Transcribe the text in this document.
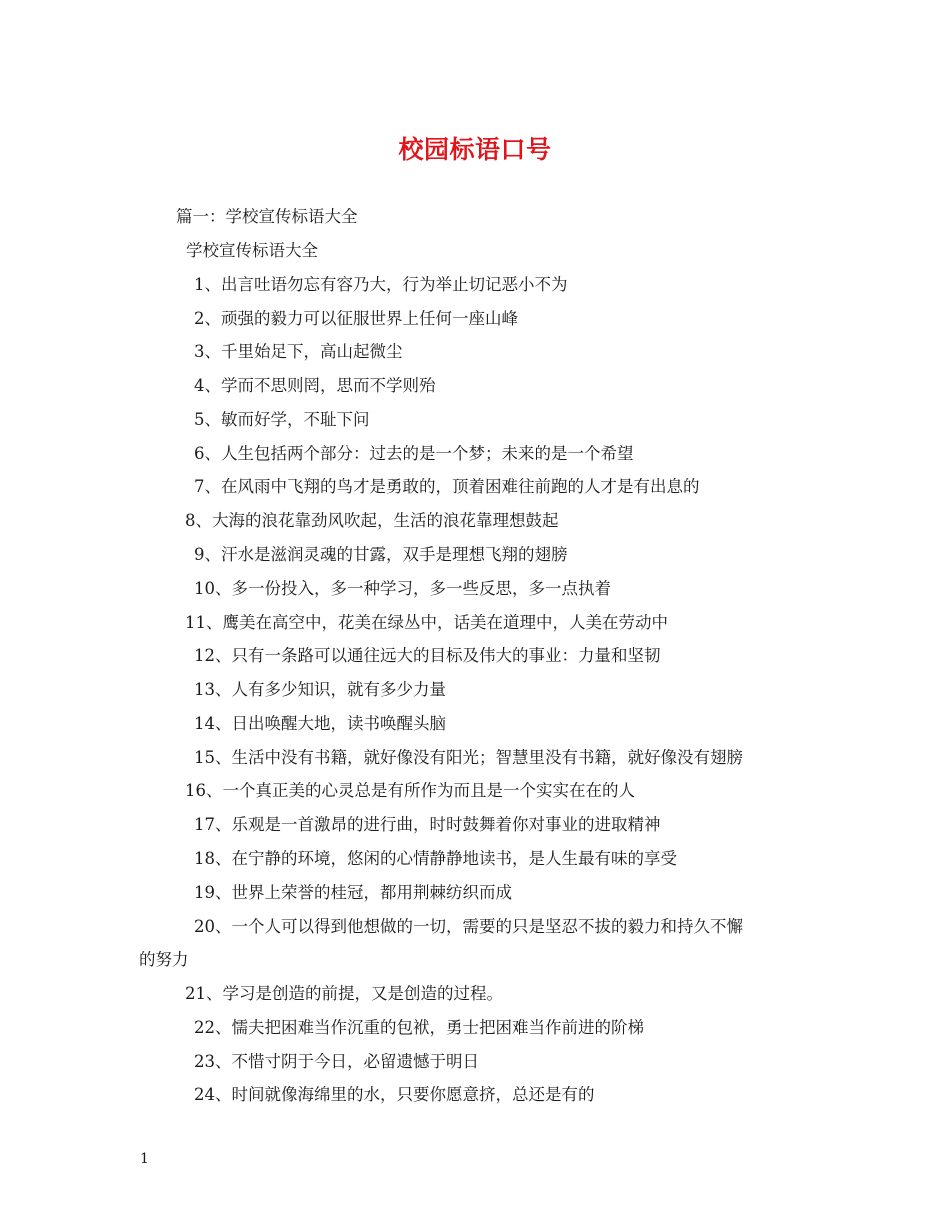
校园标语口号
篇一：学校宣传标语大全
学校宣传标语大全
1、出言吐语勿忘有容乃大，行为举止切记恶小不为
2、顽强的毅力可以征服世界上任何一座山峰
3、千里始足下，高山起微尘
4、学而不思则罔，思而不学则殆
5、敏而好学，不耻下问
6、人生包括两个部分：过去的是一个梦；未来的是一个希望
7、在风雨中飞翔的鸟才是勇敢的，顶着困难往前跑的人才是有出息的
8、大海的浪花靠劲风吹起，生活的浪花靠理想鼓起
9、汗水是滋润灵魂的甘露，双手是理想飞翔的翅膀
10、多一份投入，多一种学习，多一些反思，多一点执着
11、鹰美在高空中，花美在绿丛中，话美在道理中，人美在劳动中
12、只有一条路可以通往远大的目标及伟大的事业：力量和坚韧
13、人有多少知识，就有多少力量
14、日出唤醒大地，读书唤醒头脑
15、生活中没有书籍，就好像没有阳光；智慧里没有书籍，就好像没有翅膀
16、一个真正美的心灵总是有所作为而且是一个实实在在的人
17、乐观是一首激昂的进行曲，时时鼓舞着你对事业的进取精神
18、在宁静的环境，悠闲的心情静静地读书，是人生最有味的享受
19、世界上荣誉的桂冠，都用荆棘纺织而成
20、一个人可以得到他想做的一切，需要的只是坚忍不拔的毅力和持久不懈
的努力
21、学习是创造的前提，又是创造的过程。
22、懦夫把困难当作沉重的包袱，勇士把困难当作前进的阶梯
23、不惜寸阴于今日，必留遗憾于明日
24、时间就像海绵里的水，只要你愿意挤，总还是有的
1
